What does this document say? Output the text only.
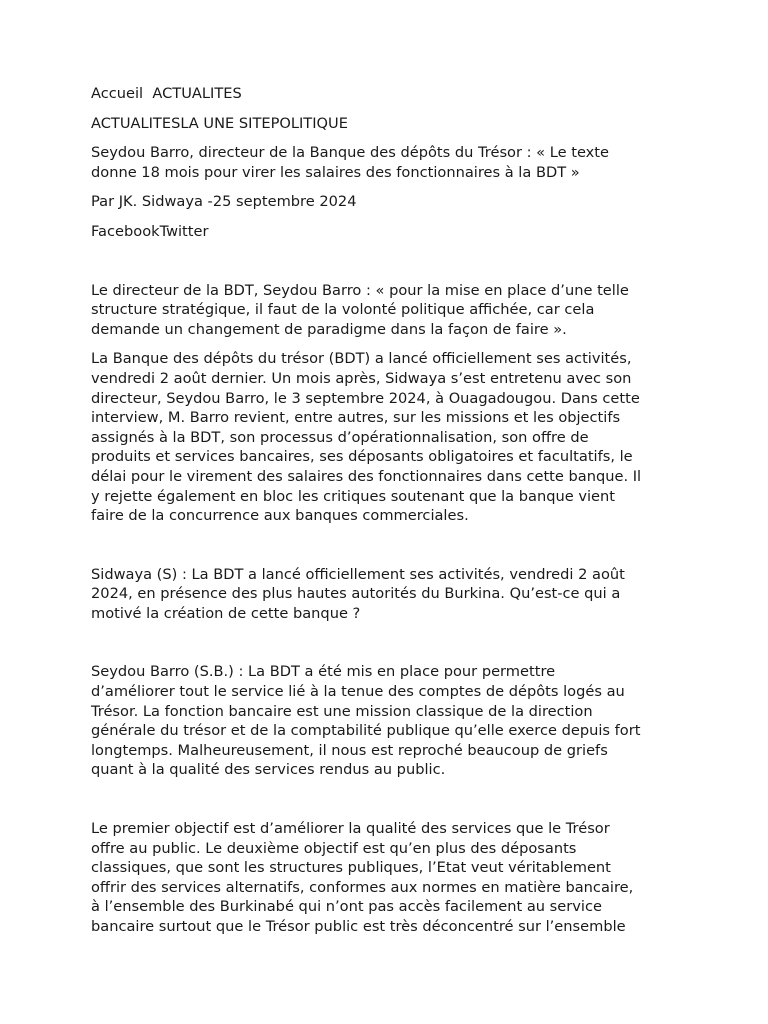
Accueil  ACTUALITES

ACTUALITESLA UNE SITEPOLITIQUE

Seydou Barro, directeur de la Banque des dépôts du Trésor : « Le texte

donne 18 mois pour virer les salaires des fonctionnaires à la BDT »

Par JK. Sidwaya -25 septembre 2024

FacebookTwitter

Le directeur de la BDT, Seydou Barro : « pour la mise en place d’une telle

structure stratégique, il faut de la volonté politique affichée, car cela

demande un changement de paradigme dans la façon de faire ».

La Banque des dépôts du trésor (BDT) a lancé officiellement ses activités,

vendredi 2 août dernier. Un mois après, Sidwaya s’est entretenu avec son

directeur, Seydou Barro, le 3 septembre 2024, à Ouagadougou. Dans cette

interview, M. Barro revient, entre autres, sur les missions et les objectifs

assignés à la BDT, son processus d’opérationnalisation, son offre de

produits et services bancaires, ses déposants obligatoires et facultatifs, le

délai pour le virement des salaires des fonctionnaires dans cette banque. Il

y rejette également en bloc les critiques soutenant que la banque vient

faire de la concurrence aux banques commerciales.

Sidwaya (S) : La BDT a lancé officiellement ses activités, vendredi 2 août

2024, en présence des plus hautes autorités du Burkina. Qu’est-ce qui a

motivé la création de cette banque ?

Seydou Barro (S.B.) : La BDT a été mis en place pour permettre

d’améliorer tout le service lié à la tenue des comptes de dépôts logés au

Trésor. La fonction bancaire est une mission classique de la direction

générale du trésor et de la comptabilité publique qu’elle exerce depuis fort

longtemps. Malheureusement, il nous est reproché beaucoup de griefs

quant à la qualité des services rendus au public.

Le premier objectif est d’améliorer la qualité des services que le Trésor

offre au public. Le deuxième objectif est qu’en plus des déposants

classiques, que sont les structures publiques, l’Etat veut véritablement

offrir des services alternatifs, conformes aux normes en matière bancaire,

à l’ensemble des Burkinabé qui n’ont pas accès facilement au service

bancaire surtout que le Trésor public est très déconcentré sur l’ensemble
